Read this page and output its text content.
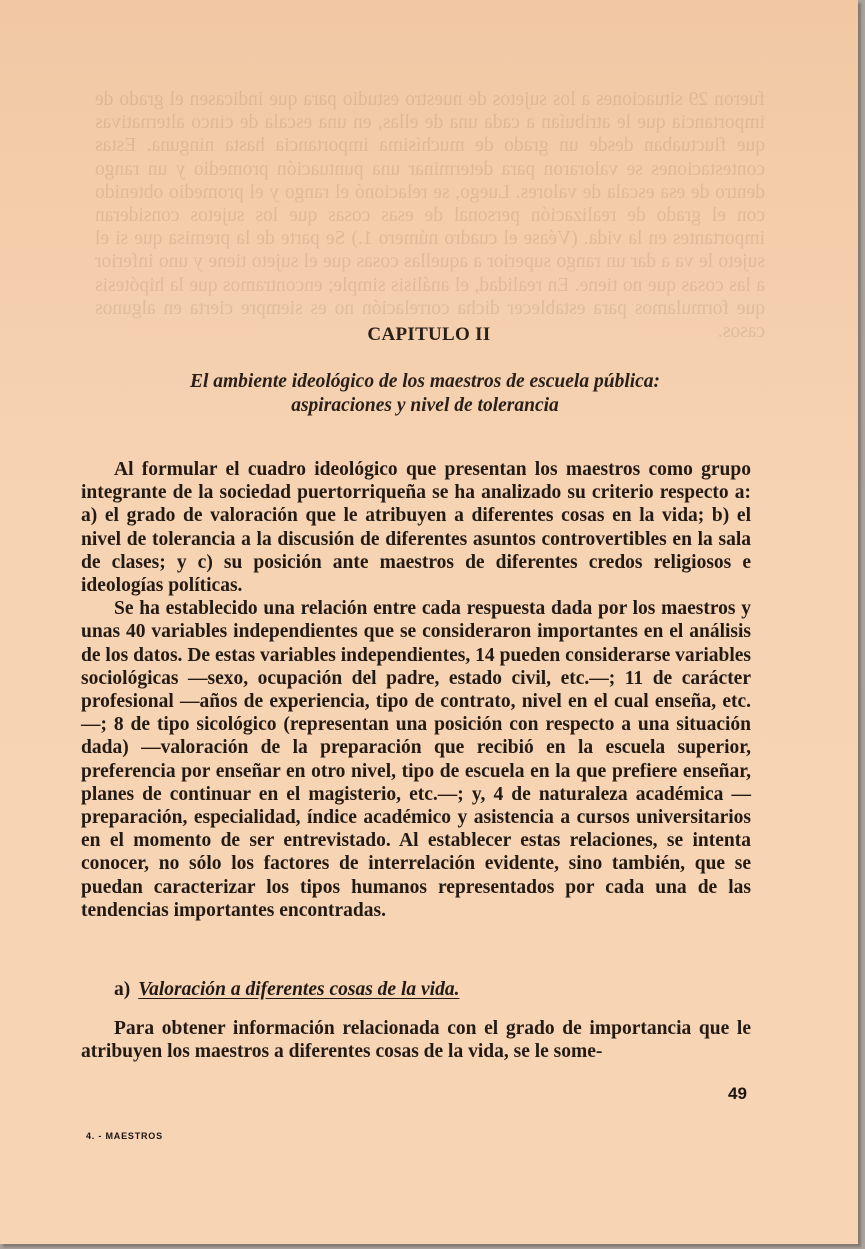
fueron 29 situaciones a los sujetos de nuestro estudio para que indicasen el grado de importancia que le atribuían a cada una de ellas, en una escala de cinco alternativas que fluctuaban desde un grado de muchísima importancia hasta ninguna. Estas contestaciones se valoraron para determinar una puntuación promedio y un rango dentro de esa escala de valores. Luego, se relacionó el rango y el promedio obtenido con el grado de realización personal de esas cosas que los sujetos consideran importantes en la vida. (Véase el cuadro número 1.) Se parte de la premisa que si el sujeto le va a dar un rango superior a aquellas cosas que el sujeto tiene y uno inferior a las cosas que no tiene. En realidad, el análisis simple; encontramos que la hipótesis que formulamos para establecer dicha correlación no es siempre cierta en algunos casos.

CAPITULO II
El ambiente ideológico de los maestros de escuela pública:
aspiraciones y nivel de tolerancia

Al formular el cuadro ideológico que presentan los maestros como grupo integrante de la sociedad puertorriqueña se ha analizado su criterio respecto a: a) el grado de valoración que le atribuyen a diferentes cosas en la vida; b) el nivel de tolerancia a la discusión de diferentes asuntos controvertibles en la sala de clases; y c) su posición ante maestros de diferentes credos religiosos e ideologías políticas.

Se ha establecido una relación entre cada respuesta dada por los maestros y unas 40 variables independientes que se consideraron importantes en el análisis de los datos. De estas variables independientes, 14 pueden considerarse variables sociológicas —sexo, ocupación del padre, estado civil, etc.—; 11 de carácter profesional —años de experiencia, tipo de contrato, nivel en el cual enseña, etc.—; 8 de tipo sicológico (representan una posición con respecto a una situación dada) —valoración de la preparación que recibió en la escuela superior, preferencia por enseñar en otro nivel, tipo de escuela en la que prefiere enseñar, planes de continuar en el magisterio, etc.—; y, 4 de naturaleza académica —preparación, especialidad, índice académico y asistencia a cursos universitarios en el momento de ser entrevistado. Al establecer estas relaciones, se intenta conocer, no sólo los factores de interrelación evidente, sino también, que se puedan caracterizar los tipos humanos representados por cada una de las tendencias importantes encontradas.

a) Valoración a diferentes cosas de la vida.

Para obtener información relacionada con el grado de importancia que le atribuyen los maestros a diferentes cosas de la vida, se le some-

49
4. - MAESTROS
